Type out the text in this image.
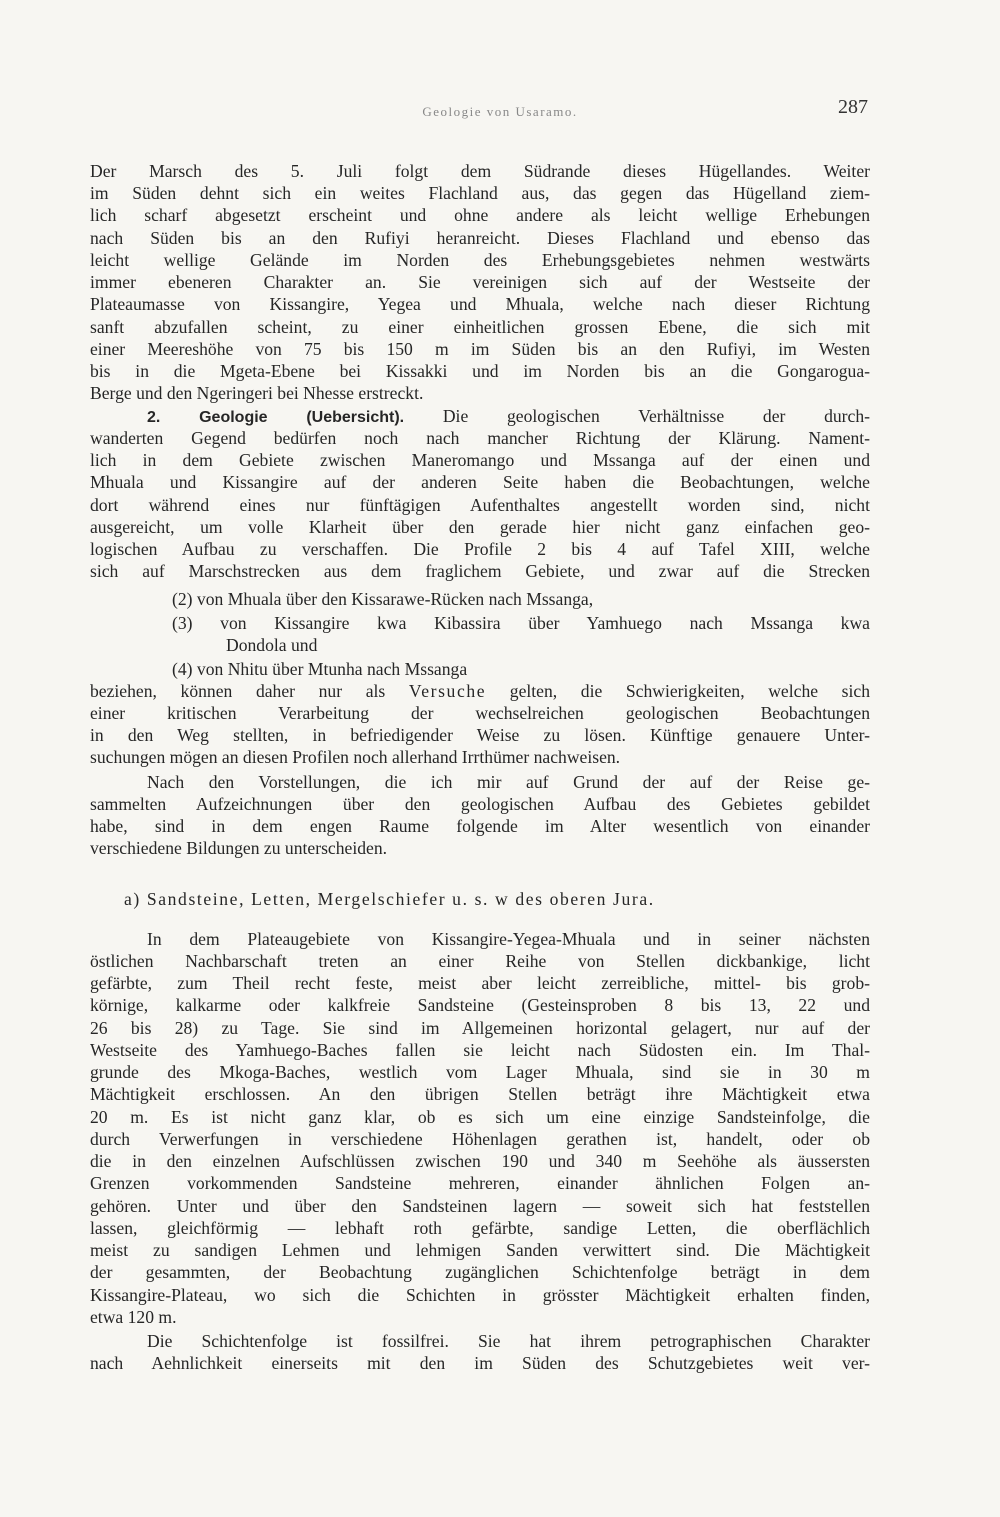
Geologie von Usaramo.	287
Der Marsch des 5. Juli folgt dem Südrande dieses Hügellandes. Weiter
im Süden dehnt sich ein weites Flachland aus, das gegen das Hügelland ziem-
lich scharf abgesetzt erscheint und ohne andere als leicht wellige Erhebungen
nach Süden bis an den Rufiyi heranreicht. Dieses Flachland und ebenso das
leicht wellige Gelände im Norden des Erhebungsgebietes nehmen westwärts
immer ebeneren Charakter an. Sie vereinigen sich auf der Westseite der
Plateaumasse von Kissangire, Yegea und Mhuala, welche nach dieser Richtung
sanft abzufallen scheint, zu einer einheitlichen grossen Ebene, die sich mit
einer Meereshöhe von 75 bis 150 m im Süden bis an den Rufiyi, im Westen
bis in die Mgeta-Ebene bei Kissakki und im Norden bis an die Gongarogua-
Berge und den Ngeringeri bei Nhesse erstreckt.
2. Geologie (Uebersicht). Die geologischen Verhältnisse der durch-
wanderten Gegend bedürfen noch nach mancher Richtung der Klärung. Nament-
lich in dem Gebiete zwischen Maneromango und Mssanga auf der einen und
Mhuala und Kissangire auf der anderen Seite haben die Beobachtungen, welche
dort während eines nur fünftägigen Aufenthaltes angestellt worden sind, nicht
ausgereicht, um volle Klarheit über den gerade hier nicht ganz einfachen geo-
logischen Aufbau zu verschaffen. Die Profile 2 bis 4 auf Tafel XIII, welche
sich auf Marschstrecken aus dem fraglichem Gebiete, und zwar auf die Strecken
(2) von Mhuala über den Kissarawe-Rücken nach Mssanga,
(3) von Kissangire kwa Kibassira über Yamhuego nach Mssanga kwa
Dondola und
(4) von Nhitu über Mtunha nach Mssanga
beziehen, können daher nur als Versuche gelten, die Schwierigkeiten, welche sich
einer kritischen Verarbeitung der wechselreichen geologischen Beobachtungen
in den Weg stellten, in befriedigender Weise zu lösen. Künftige genauere Unter-
suchungen mögen an diesen Profilen noch allerhand Irrthümer nachweisen.
Nach den Vorstellungen, die ich mir auf Grund der auf der Reise ge-
sammelten Aufzeichnungen über den geologischen Aufbau des Gebietes gebildet
habe, sind in dem engen Raume folgende im Alter wesentlich von einander
verschiedene Bildungen zu unterscheiden.
a) Sandsteine, Letten, Mergelschiefer u. s. w des oberen Jura.
In dem Plateaugebiete von Kissangire-Yegea-Mhuala und in seiner nächsten
östlichen Nachbarschaft treten an einer Reihe von Stellen dickbankige, licht
gefärbte, zum Theil recht feste, meist aber leicht zerreibliche, mittel- bis grob-
körnige, kalkarme oder kalkfreie Sandsteine (Gesteinsproben 8 bis 13, 22 und
26 bis 28) zu Tage. Sie sind im Allgemeinen horizontal gelagert, nur auf der
Westseite des Yamhuego-Baches fallen sie leicht nach Südosten ein. Im Thal-
grunde des Mkoga-Baches, westlich vom Lager Mhuala, sind sie in 30 m
Mächtigkeit erschlossen. An den übrigen Stellen beträgt ihre Mächtigkeit etwa
20 m. Es ist nicht ganz klar, ob es sich um eine einzige Sandsteinfolge, die
durch Verwerfungen in verschiedene Höhenlagen gerathen ist, handelt, oder ob
die in den einzelnen Aufschlüssen zwischen 190 und 340 m Seehöhe als äussersten
Grenzen vorkommenden Sandsteine mehreren, einander ähnlichen Folgen an-
gehören. Unter und über den Sandsteinen lagern — soweit sich hat feststellen
lassen, gleichförmig — lebhaft roth gefärbte, sandige Letten, die oberflächlich
meist zu sandigen Lehmen und lehmigen Sanden verwittert sind. Die Mächtigkeit
der gesammten, der Beobachtung zugänglichen Schichtenfolge beträgt in dem
Kissangire-Plateau, wo sich die Schichten in grösster Mächtigkeit erhalten finden,
etwa 120 m.
Die Schichtenfolge ist fossilfrei. Sie hat ihrem petrographischen Charakter
nach Aehnlichkeit einerseits mit den im Süden des Schutzgebietes weit ver-
